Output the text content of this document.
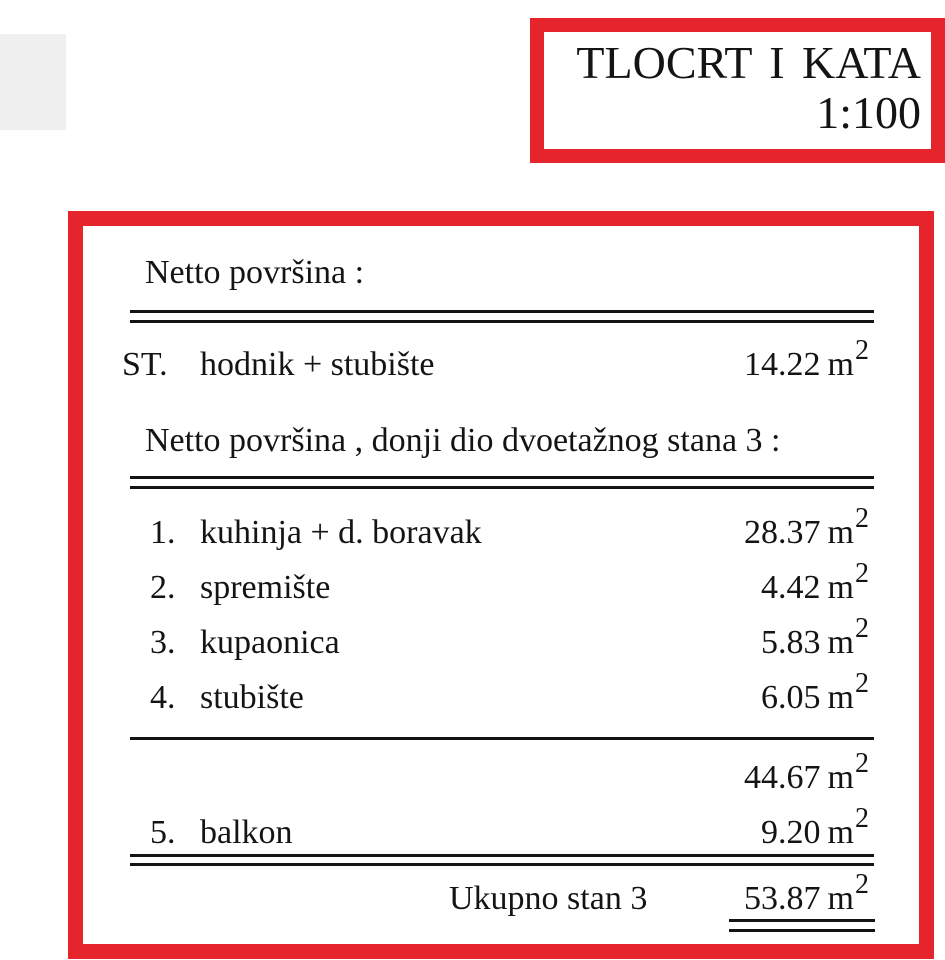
TLOCRT I KATA
1:100
Netto površina :
ST. hodnik + stubište	14.22 $m^2$
Netto površina , donji dio dvoetažnog stana 3 :
1. kuhinja + d. boravak	28.37 $m^2$
2. spremište	4.42 $m^2$
3. kupaonica	5.83 $m^2$
4. stubište	6.05 $m^2$
44.67 $m^2$
5. balkon	9.20 $m^2$
Ukupno stan 3	53.87 $m^2$
